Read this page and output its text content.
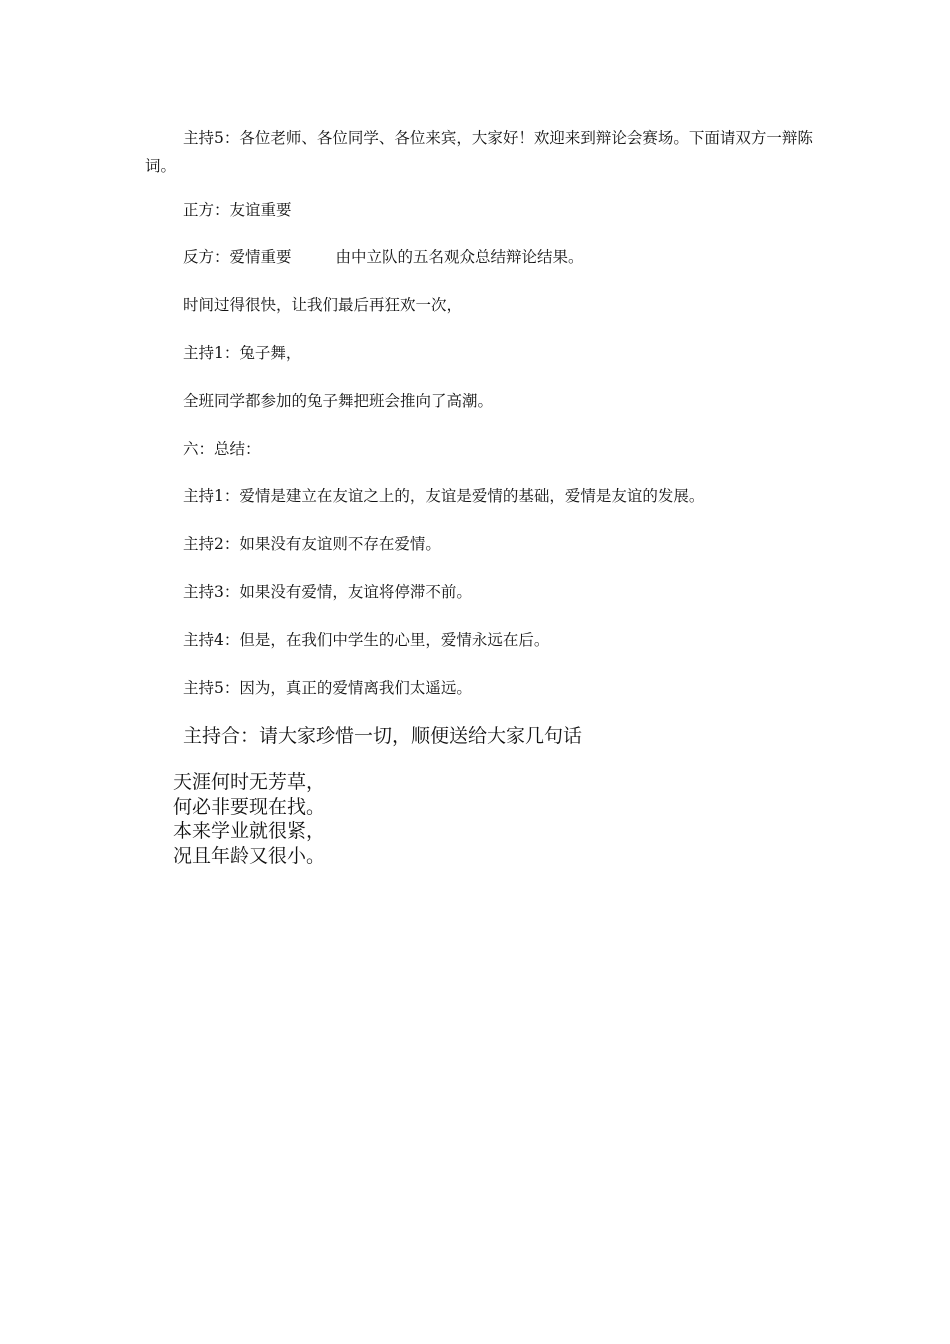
主持5：各位老师、各位同学、各位来宾，大家好！欢迎来到辩论会赛场。下面请双方一辩陈词。
正方：友谊重要
反方：爱情重要	由中立队的五名观众总结辩论结果。
时间过得很快，让我们最后再狂欢一次，
主持1：兔子舞，
全班同学都参加的兔子舞把班会推向了高潮。
六：总结：
主持1：爱情是建立在友谊之上的，友谊是爱情的基础，爱情是友谊的发展。
主持2：如果没有友谊则不存在爱情。
主持3：如果没有爱情，友谊将停滞不前。
主持4：但是，在我们中学生的心里，爱情永远在后。
主持5：因为，真正的爱情离我们太遥远。
主持合：请大家珍惜一切，顺便送给大家几句话
天涯何时无芳草，
何必非要现在找。
本来学业就很紧，
况且年龄又很小。
